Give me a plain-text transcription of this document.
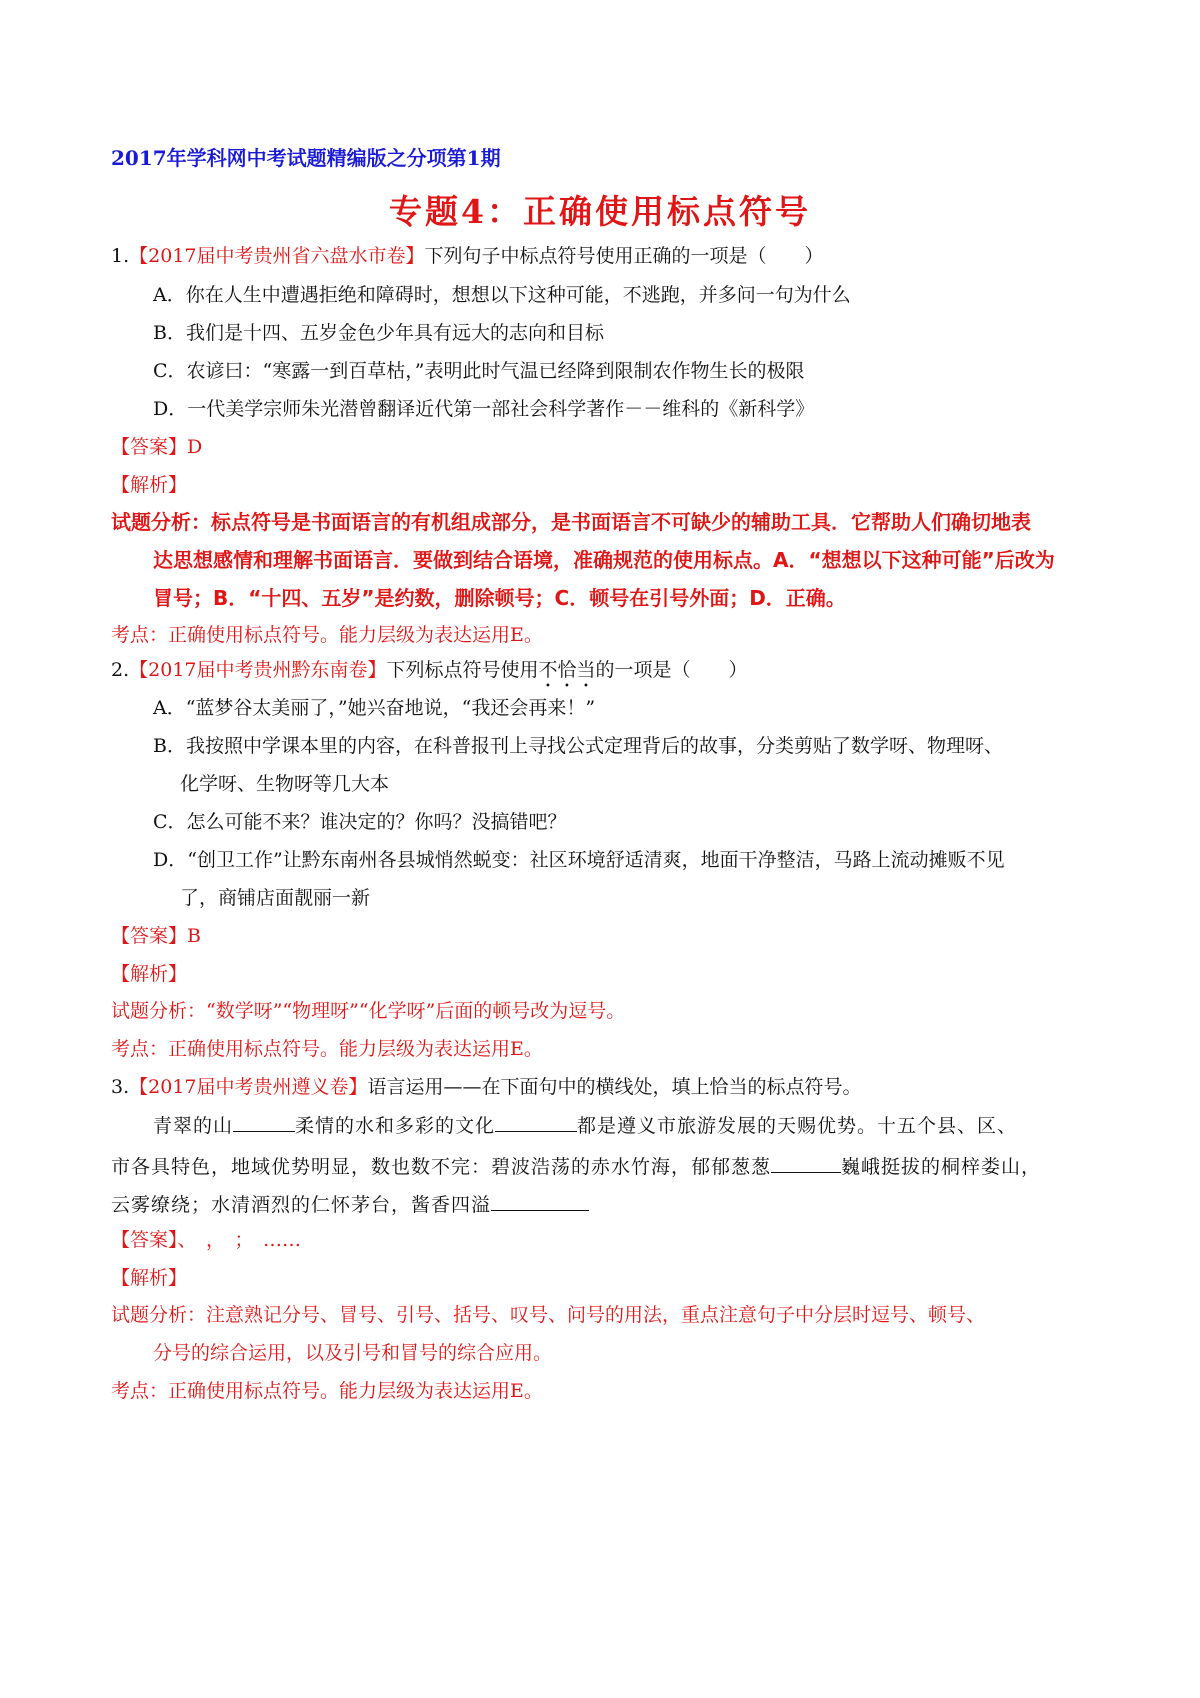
2017年学科网中考试题精编版之分项第1期
专题4：正确使用标点符号
1.【2017届中考贵州省六盘水市卷】下列句子中标点符号使用正确的一项是（　　）
A．你在人生中遭遇拒绝和障碍时，想想以下这种可能，不逃跑，并多问一句为什么
B．我们是十四、五岁金色少年具有远大的志向和目标
C．农谚曰：“寒露一到百草枯，”表明此时气温已经降到限制农作物生长的极限
D．一代美学宗师朱光潜曾翻译近代第一部社会科学著作－－维科的《新科学》
【答案】D
【解析】
试题分析：标点符号是书面语言的有机组成部分，是书面语言不可缺少的辅助工具．它帮助人们确切地表
达思想感情和理解书面语言．要做到结合语境，准确规范的使用标点。A．“想想以下这种可能”后改为
冒号；B．“十四、五岁”是约数，删除顿号；C．顿号在引号外面；D．正确。
考点：正确使用标点符号。能力层级为表达运用E。
2.【2017届中考贵州黔东南卷】下列标点符号使用不恰当的一项是（　　）
A．“蓝梦谷太美丽了，”她兴奋地说，“我还会再来！”
B．我按照中学课本里的内容，在科普报刊上寻找公式定理背后的故事，分类剪贴了数学呀、物理呀、
化学呀、生物呀等几大本
C．怎么可能不来？谁决定的？你吗？没搞错吧？
D．“创卫工作”让黔东南州各县城悄然蜕变：社区环境舒适清爽，地面干净整洁，马路上流动摊贩不见
了，商铺店面靓丽一新
【答案】B
【解析】
试题分析：“数学呀”“物理呀”“化学呀”后面的顿号改为逗号。
考点：正确使用标点符号。能力层级为表达运用E。
3.【2017届中考贵州遵义卷】语言运用——在下面句中的横线处，填上恰当的标点符号。
青翠的山	柔情的水和多彩的文化	都是遵义市旅游发展的天赐优势。十五个县、区、
市各具特色，地域优势明显，数也数不完：碧波浩荡的赤水竹海，郁郁葱葱	巍峨挺拔的桐梓娄山，
云雾缭绕；水清酒烈的仁怀茅台，酱香四溢
【答案】、　，　；　……
【解析】
试题分析：注意熟记分号、冒号、引号、括号、叹号、问号的用法，重点注意句子中分层时逗号、顿号、
分号的综合运用，以及引号和冒号的综合应用。
考点：正确使用标点符号。能力层级为表达运用E。
